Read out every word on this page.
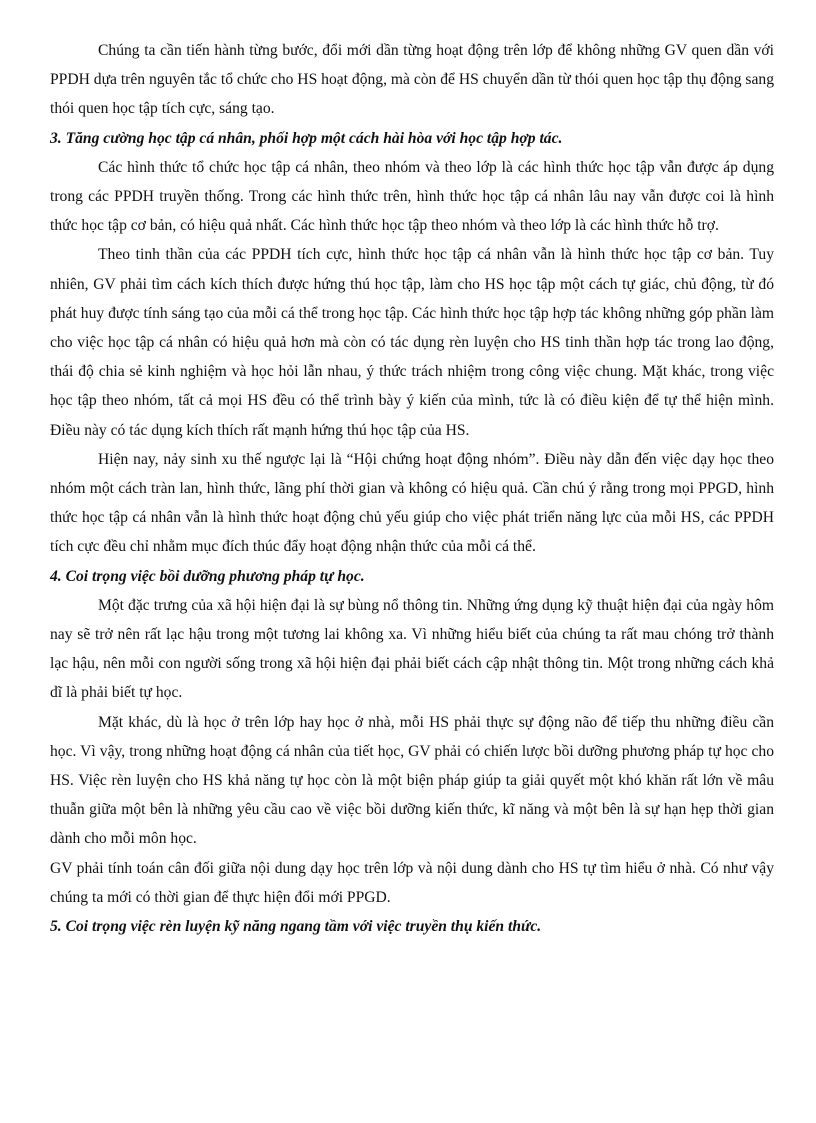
Chúng ta cần tiến hành từng bước, đổi mới dần từng hoạt động trên lớp để không những GV quen dần với PPDH dựa trên nguyên tắc tổ chức cho HS hoạt động, mà còn để HS chuyển dần từ thói quen học tập thụ động sang thói quen học tập tích cực, sáng tạo.

3. Tăng cường học tập cá nhân, phối hợp một cách hài hòa với học tập hợp tác.

Các hình thức tổ chức học tập cá nhân, theo nhóm và theo lớp là các hình thức học tập vẫn được áp dụng trong các PPDH truyền thống. Trong các hình thức trên, hình thức học tập cá nhân lâu nay vẫn được coi là hình thức học tập cơ bản, có hiệu quả nhất. Các hình thức học tập theo nhóm và theo lớp là các hình thức hỗ trợ.

Theo tinh thần của các PPDH tích cực, hình thức học tập cá nhân vẫn là hình thức học tập cơ bản. Tuy nhiên, GV phải tìm cách kích thích được hứng thú học tập, làm cho HS học tập một cách tự giác, chủ động, từ đó phát huy được tính sáng tạo của mỗi cá thể trong học tập. Các hình thức học tập hợp tác không những góp phần làm cho việc học tập cá nhân có hiệu quả hơn mà còn có tác dụng rèn luyện cho HS tinh thần hợp tác trong lao động, thái độ chia sẻ kinh nghiệm và học hỏi lẫn nhau, ý thức trách nhiệm trong công việc chung. Mặt khác, trong việc học tập theo nhóm, tất cả mọi HS đều có thể trình bày ý kiến của mình, tức là có điều kiện để tự thể hiện mình. Điều này có tác dụng kích thích rất mạnh hứng thú học tập của HS.

Hiện nay, nảy sinh xu thế ngược lại là “Hội chứng hoạt động nhóm”. Điều này dẫn đến việc dạy học theo nhóm một cách tràn lan, hình thức, lãng phí thời gian và không có hiệu quả. Cần chú ý rằng trong mọi PPGD, hình thức học tập cá nhân vẫn là hình thức hoạt động chủ yếu giúp cho việc phát triển năng lực của mỗi HS, các PPDH tích cực đều chỉ nhằm mục đích thúc đẩy hoạt động nhận thức của mỗi cá thể.

4. Coi trọng việc bồi dưỡng phương pháp tự học.

Một đặc trưng của xã hội hiện đại là sự bùng nổ thông tin. Những ứng dụng kỹ thuật hiện đại của ngày hôm nay sẽ trở nên rất lạc hậu trong một tương lai không xa. Vì những hiểu biết của chúng ta rất mau chóng trở thành lạc hậu, nên mỗi con người sống trong xã hội hiện đại phải biết cách cập nhật thông tin. Một trong những cách khả dĩ là phải biết tự học.

Mặt khác, dù là học ở trên lớp hay học ở nhà, mỗi HS phải thực sự động não để tiếp thu những điều cần học. Vì vậy, trong những hoạt động cá nhân của tiết học, GV phải có chiến lược bồi dưỡng phương pháp tự học cho HS. Việc rèn luyện cho HS khả năng tự học còn là một biện pháp giúp ta giải quyết một khó khăn rất lớn về mâu thuẫn giữa một bên là những yêu cầu cao về việc bồi dưỡng kiến thức, kĩ năng và một bên là sự hạn hẹp thời gian dành cho mỗi môn học.

GV phải tính toán cân đối giữa nội dung dạy học trên lớp và nội dung dành cho HS tự tìm hiểu ở nhà. Có như vậy chúng ta mới có thời gian để thực hiện đổi mới PPGD.

5. Coi trọng việc rèn luyện kỹ năng ngang tầm với việc truyền thụ kiến thức.
